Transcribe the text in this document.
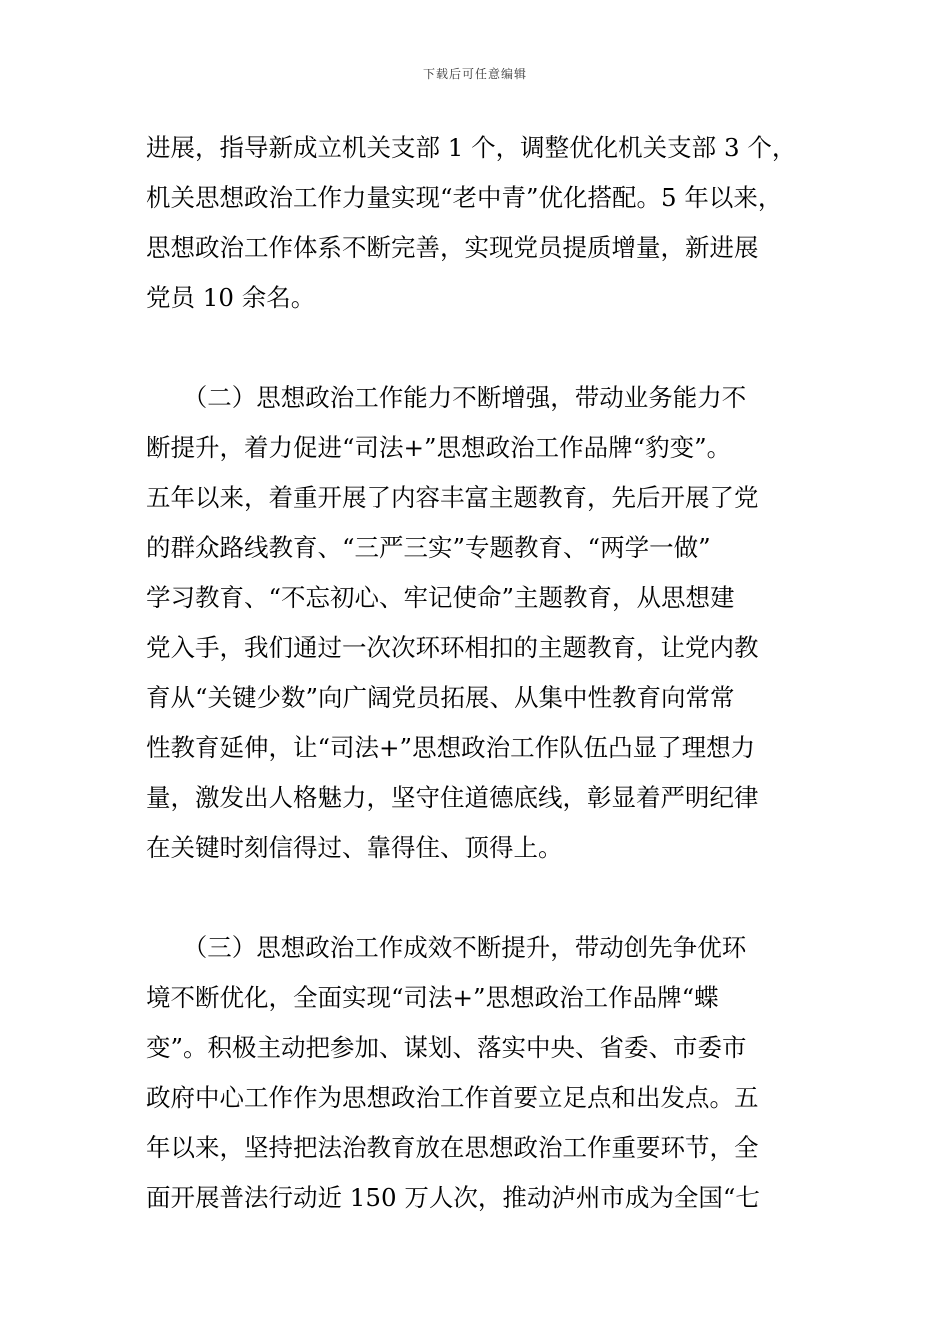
下载后可任意编辑
进展，指导新成立机关支部 1 个，调整优化机关支部 3 个，
机关思想政治工作力量实现“老中青”优化搭配。5 年以来，
思想政治工作体系不断完善，实现党员提质增量，新进展
党员 10 余名。
　　（二）思想政治工作能力不断增强，带动业务能力不
断提升，着力促进“司法+”思想政治工作品牌“豹变”。
五年以来，着重开展了内容丰富主题教育，先后开展了党
的群众路线教育、“三严三实”专题教育、“两学一做”
学习教育、“不忘初心、牢记使命”主题教育，从思想建
党入手，我们通过一次次环环相扣的主题教育，让党内教
育从“关键少数”向广阔党员拓展、从集中性教育向常常
性教育延伸，让“司法+”思想政治工作队伍凸显了理想力
量，激发出人格魅力，坚守住道德底线，彰显着严明纪律
在关键时刻信得过、靠得住、顶得上。
　　（三）思想政治工作成效不断提升，带动创先争优环
境不断优化，全面实现“司法+”思想政治工作品牌“蝶
变”。积极主动把参加、谋划、落实中央、省委、市委市
政府中心工作作为思想政治工作首要立足点和出发点。五
年以来，坚持把法治教育放在思想政治工作重要环节，全
面开展普法行动近 150 万人次，推动泸州市成为全国“七
